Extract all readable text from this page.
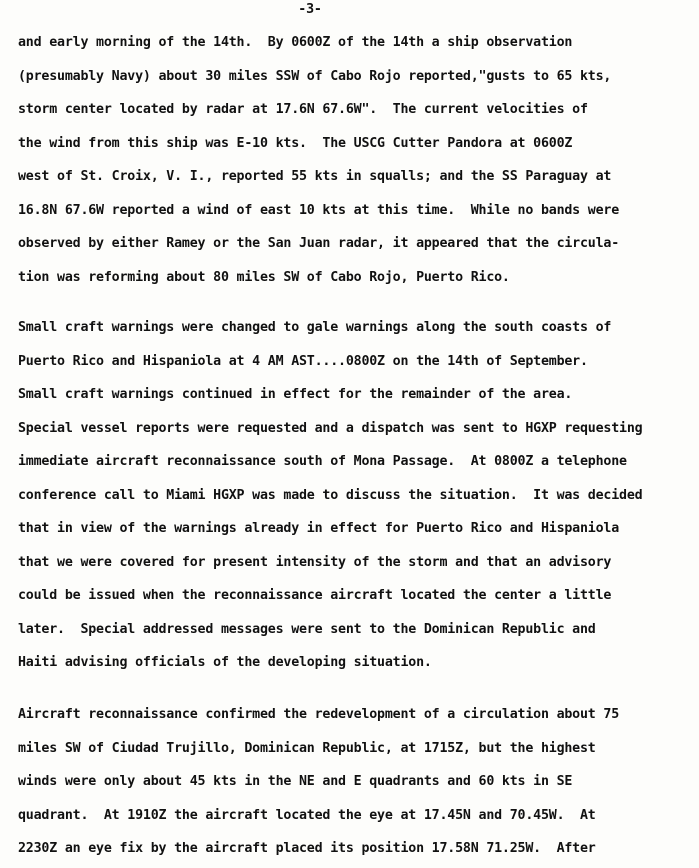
-3-

and early morning of the 14th.  By 0600Z of the 14th a ship observation
(presumably Navy) about 30 miles SSW of Cabo Rojo reported,"gusts to 65 kts,
storm center located by radar at 17.6N 67.6W".  The current velocities of
the wind from this ship was E-10 kts.  The USCG Cutter Pandora at 0600Z
west of St. Croix, V. I., reported 55 kts in squalls; and the SS Paraguay at
16.8N 67.6W reported a wind of east 10 kts at this time.  While no bands were
observed by either Ramey or the San Juan radar, it appeared that the circula-
tion was reforming about 80 miles SW of Cabo Rojo, Puerto Rico.

Small craft warnings were changed to gale warnings along the south coasts of
Puerto Rico and Hispaniola at 4 AM AST....0800Z on the 14th of September.
Small craft warnings continued in effect for the remainder of the area.
Special vessel reports were requested and a dispatch was sent to HGXP requesting
immediate aircraft reconnaissance south of Mona Passage.  At 0800Z a telephone
conference call to Miami HGXP was made to discuss the situation.  It was decided
that in view of the warnings already in effect for Puerto Rico and Hispaniola
that we were covered for present intensity of the storm and that an advisory
could be issued when the reconnaissance aircraft located the center a little
later.  Special addressed messages were sent to the Dominican Republic and
Haiti advising officials of the developing situation.

Aircraft reconnaissance confirmed the redevelopment of a circulation about 75
miles SW of Ciudad Trujillo, Dominican Republic, at 1715Z, but the highest
winds were only about 45 kts in the NE and E quadrants and 60 kts in SE
quadrant.  At 1910Z the aircraft located the eye at 17.45N and 70.45W.  At
2230Z an eye fix by the aircraft placed its position 17.58N 71.25W.  After
